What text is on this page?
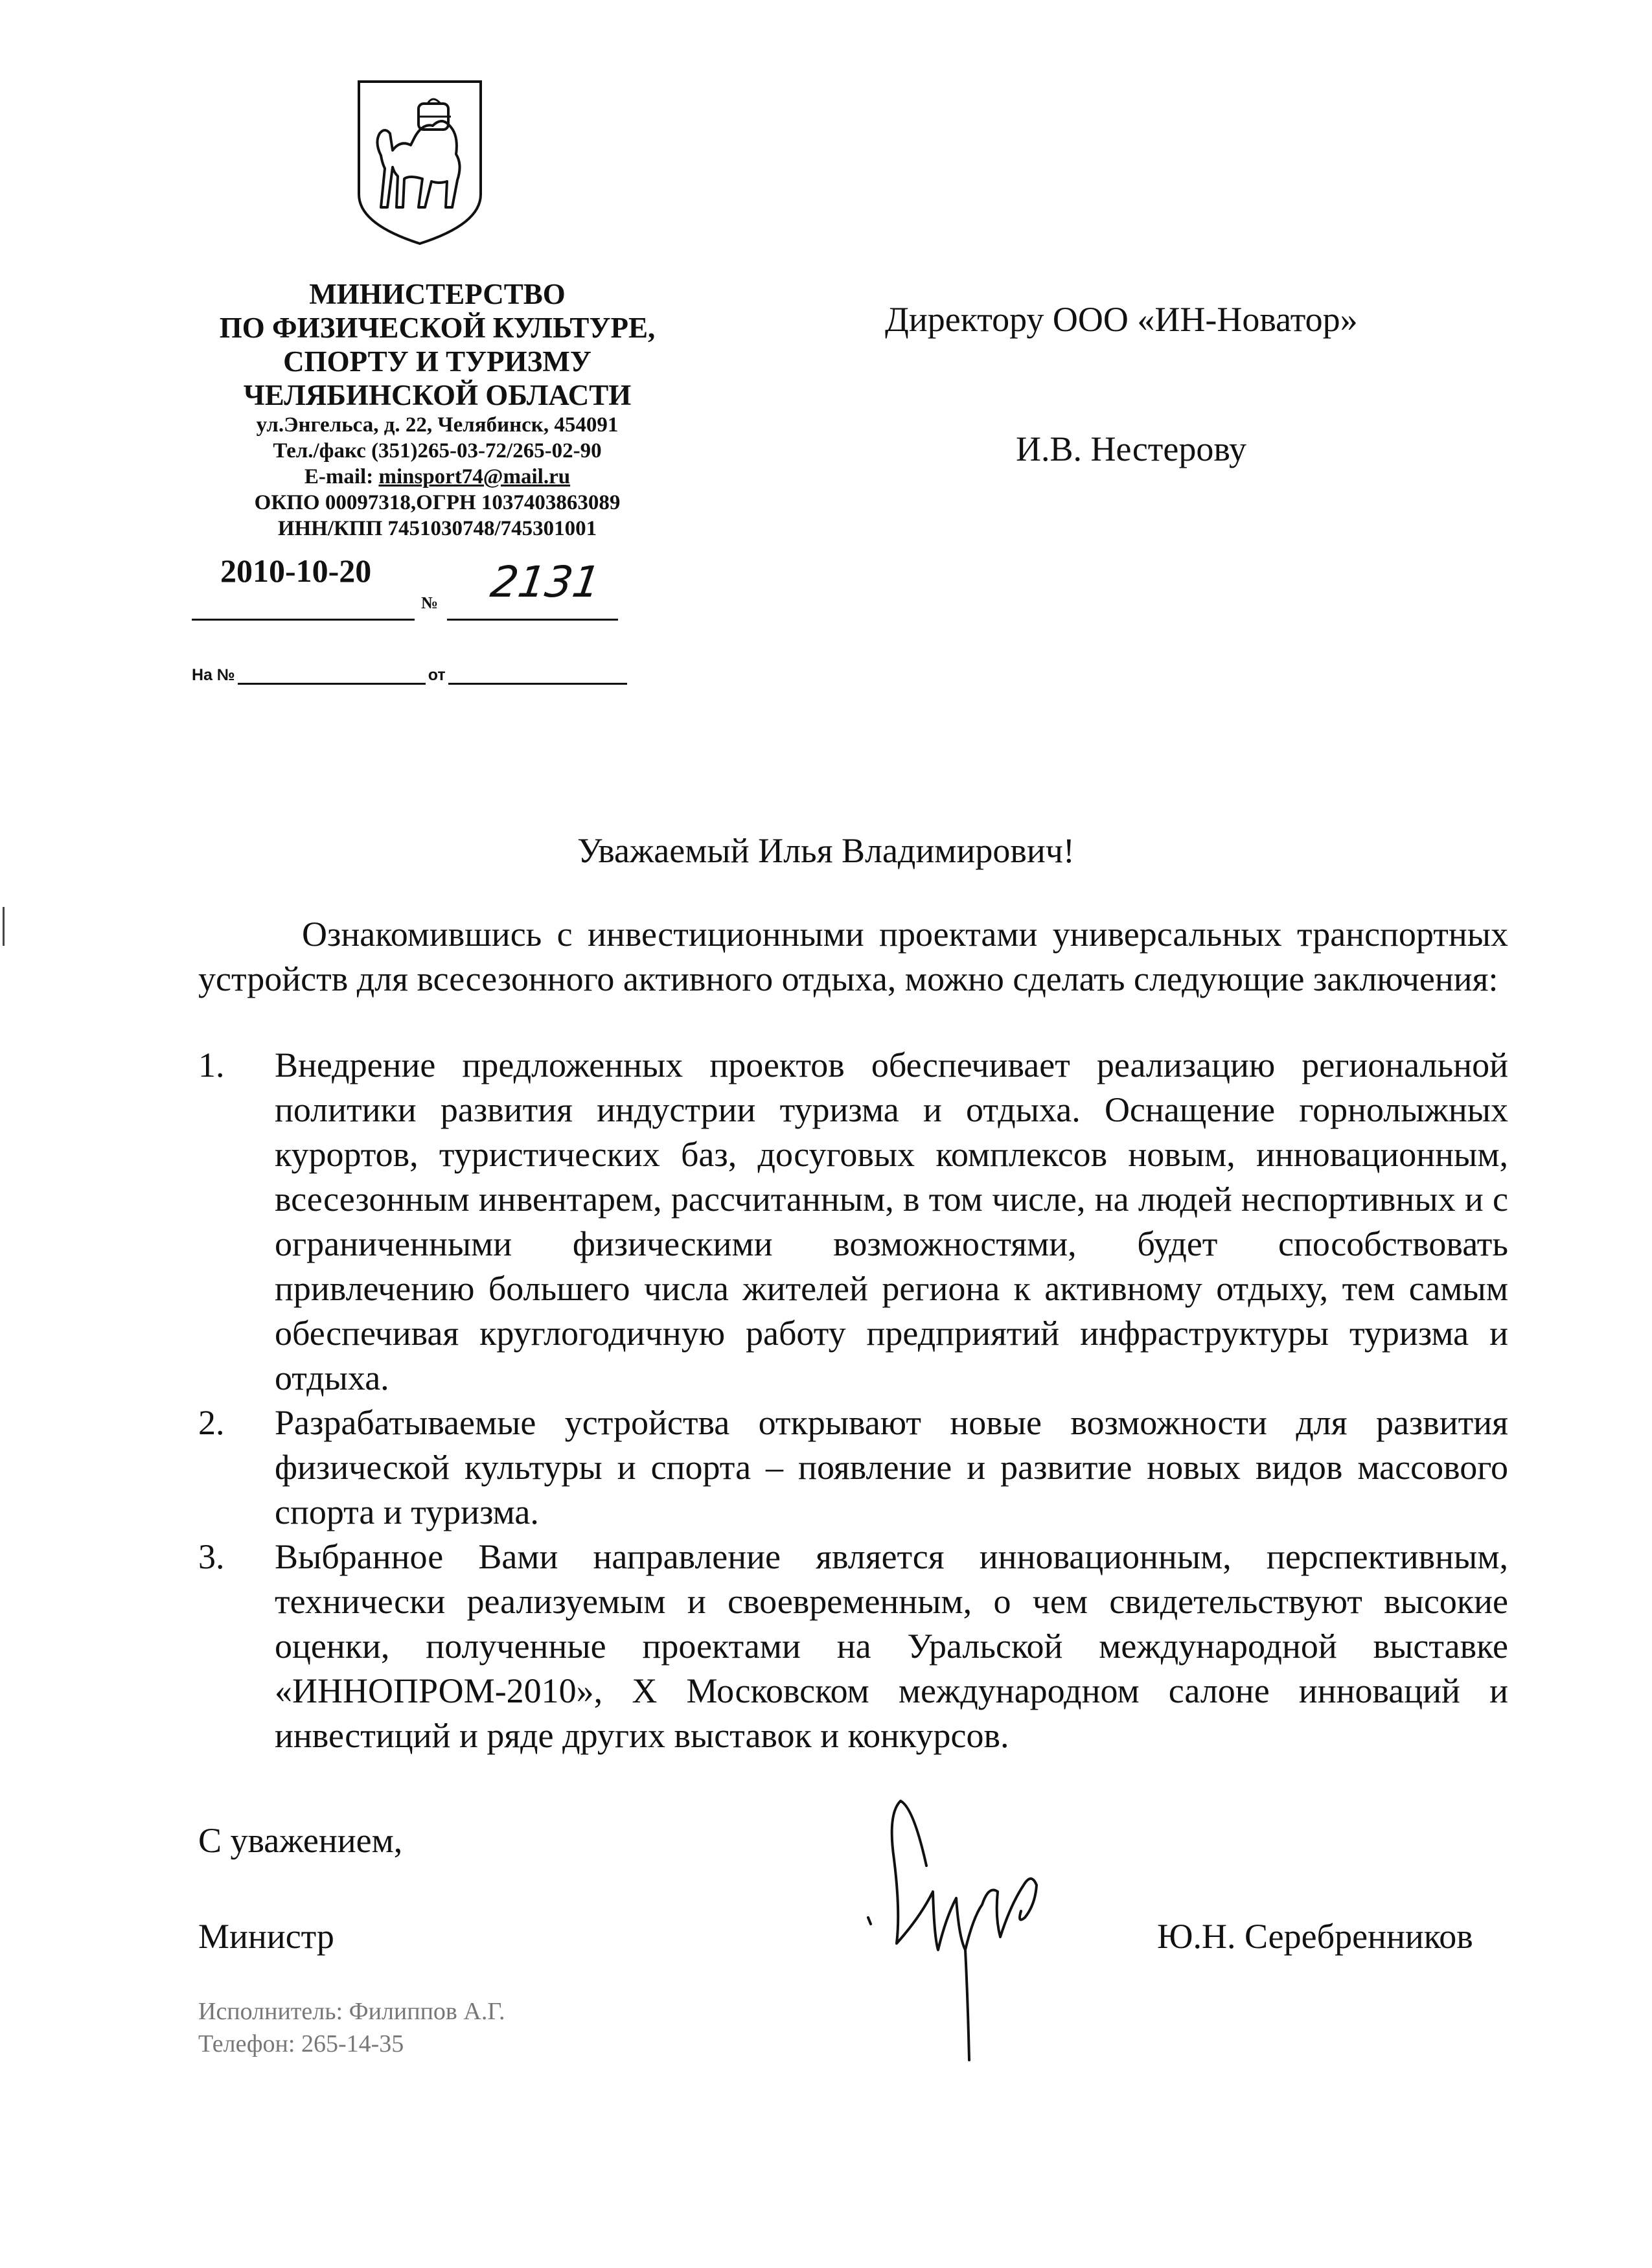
МИНИСТЕРСТВО
ПО ФИЗИЧЕСКОЙ КУЛЬТУРЕ,
СПОРТУ И ТУРИЗМУ
ЧЕЛЯБИНСКОЙ ОБЛАСТИ
ул.Энгельса, д. 22, Челябинск, 454091
Тел./факс (351)265-03-72/265-02-90
E-mail: minsport74@mail.ru
ОКПО 00097318,ОГРН 1037403863089
ИНН/КПП 7451030748/745301001
2010-10-20
№ 2131
На №	от
Директору ООО «ИН-Новатор»
И.В. Нестерову
Уважаемый Илья Владимирович!

Ознакомившись с инвестиционными проектами универсальных транспортных устройств для всесезонного активного отдыха, можно сделать следующие заключения:

1. Внедрение предложенных проектов обеспечивает реализацию региональной политики развития индустрии туризма и отдыха. Оснащение горнолыжных курортов, туристических баз, досуговых комплексов новым, инновационным, всесезонным инвентарем, рассчитанным, в том числе, на людей неспортивных и с ограниченными физическими возможностями, будет способствовать привлечению большего числа жителей региона к активному отдыху, тем самым обеспечивая круглогодичную работу предприятий инфраструктуры туризма и отдыха.
2. Разрабатываемые устройства открывают новые возможности для развития физической культуры и спорта – появление и развитие новых видов массового спорта и туризма.
3. Выбранное Вами направление является инновационным, перспективным, технически реализуемым и своевременным, о чем свидетельствуют высокие оценки, полученные проектами на Уральской международной выставке «ИННОПРОМ-2010», Х Московском международном салоне инноваций и инвестиций и ряде других выставок и конкурсов.
С уважением,
Министр	Ю.Н. Серебренников
Исполнитель: Филиппов А.Г.
Телефон: 265-14-35
